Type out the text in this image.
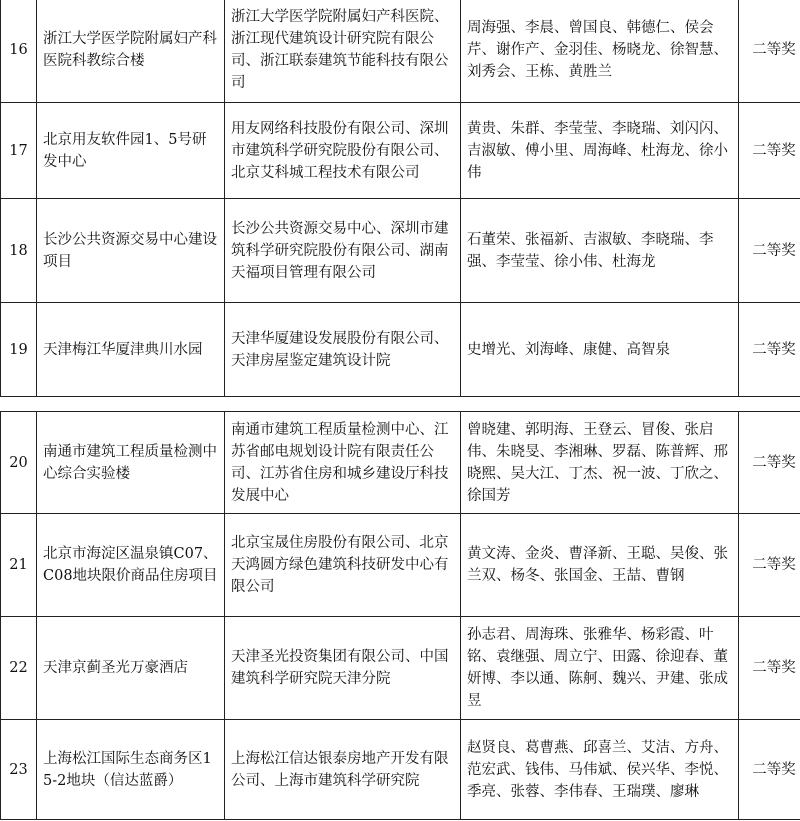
16	浙江大学医学院附属妇产科医院科教综合楼	浙江大学医学院附属妇产科医院、浙江现代建筑设计研究院有限公司、浙江联泰建筑节能科技有限公司	周海强、李晨、曾国良、韩德仁、侯会芹、谢作产、金羽佳、杨晓龙、徐智慧、刘秀会、王栋、黄胜兰	二等奖
17	北京用友软件园1、5号研发中心	用友网络科技股份有限公司、深圳市建筑科学研究院股份有限公司、北京艾科城工程技术有限公司	黄贵、朱群、李莹莹、李晓瑞、刘闪闪、吉淑敏、傅小里、周海峰、杜海龙、徐小伟	二等奖
18	长沙公共资源交易中心建设项目	长沙公共资源交易中心、深圳市建筑科学研究院股份有限公司、湖南天福项目管理有限公司	石董荣、张福新、吉淑敏、李晓瑞、李强、李莹莹、徐小伟、杜海龙	二等奖
19	天津梅江华厦津典川水园	天津华厦建设发展股份有限公司、天津房屋鉴定建筑设计院	史增光、刘海峰、康健、高智泉	二等奖
20	南通市建筑工程质量检测中心综合实验楼	南通市建筑工程质量检测中心、江苏省邮电规划设计院有限责任公司、江苏省住房和城乡建设厅科技发展中心	曾晓建、郭明海、王登云、冒俊、张启伟、朱晓旻、李湘琳、罗磊、陈普辉、邢晓熙、吴大江、丁杰、祝一波、丁欣之、徐国芳	二等奖
21	北京市海淀区温泉镇C07、C08地块限价商品住房项目	北京宝晟住房股份有限公司、北京天鸿圆方绿色建筑科技研发中心有限公司	黄文涛、金炎、曹泽新、王聪、吴俊、张兰双、杨冬、张国金、王喆、曹钢	二等奖
22	天津京蓟圣光万豪酒店	天津圣光投资集团有限公司、中国建筑科学研究院天津分院	孙志君、周海珠、张雅华、杨彩霞、叶铭、袁继强、周立宁、田露、徐迎春、董妍博、李以通、陈舸、魏兴、尹建、张成昱	二等奖
23	上海松江国际生态商务区15-2地块（信达蓝爵）	上海松江信达银泰房地产开发有限公司、上海市建筑科学研究院	赵贤良、葛曹燕、邱喜兰、艾洁、方舟、范宏武、钱伟、马伟斌、侯兴华、李悦、季亮、张蓉、李伟春、王瑞璞、廖琳	二等奖
